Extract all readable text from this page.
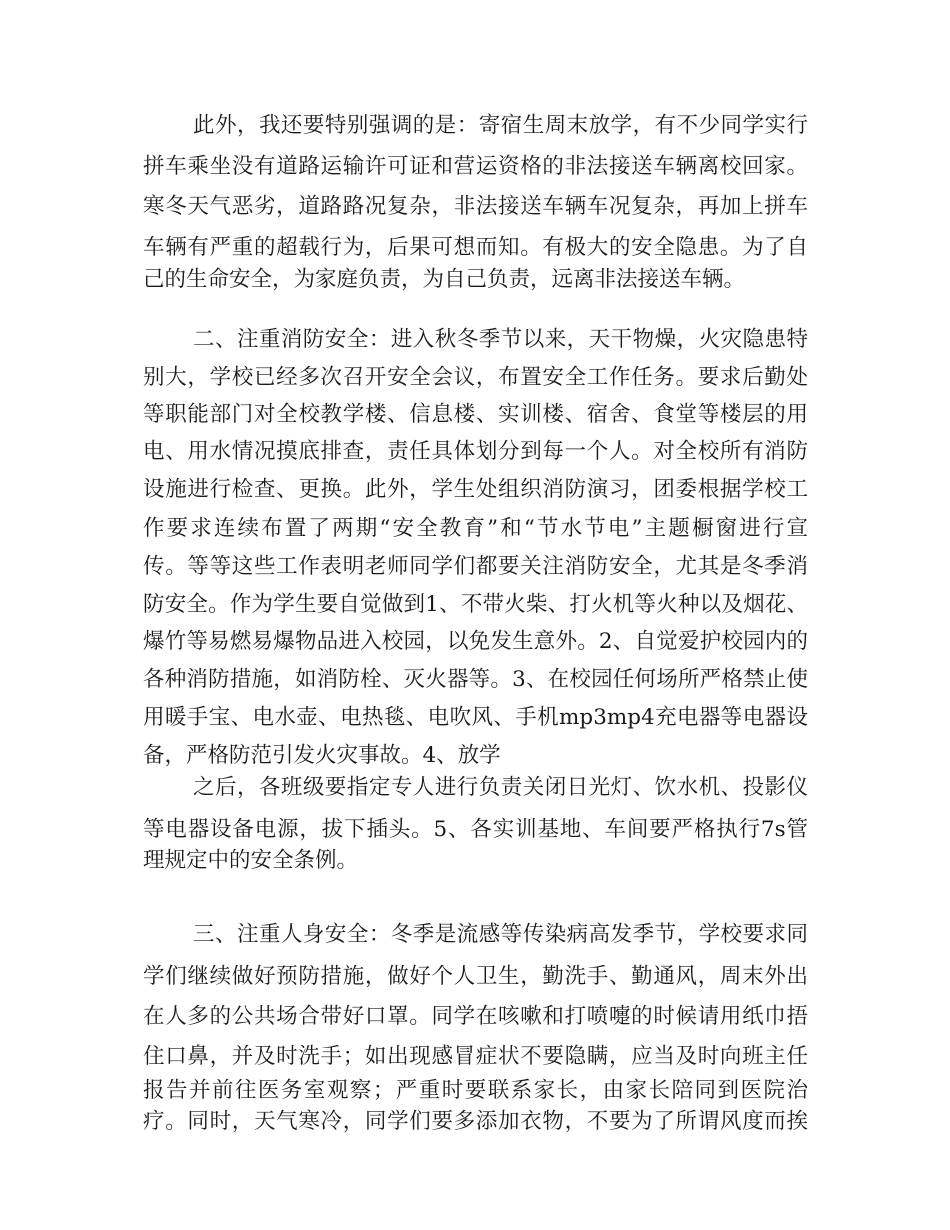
此外，我还要特别强调的是：寄宿生周末放学，有不少同学实行
拼车乘坐没有道路运输许可证和营运资格的非法接送车辆离校回家。
寒冬天气恶劣，道路路况复杂，非法接送车辆车况复杂，再加上拼车
车辆有严重的超载行为，后果可想而知。有极大的安全隐患。为了自
己的生命安全，为家庭负责，为自己负责，远离非法接送车辆。
二、注重消防安全：进入秋冬季节以来，天干物燥，火灾隐患特
别大，学校已经多次召开安全会议，布置安全工作任务。要求后勤处
等职能部门对全校教学楼、信息楼、实训楼、宿舍、食堂等楼层的用
电、用水情况摸底排查，责任具体划分到每一个人。对全校所有消防
设施进行检查、更换。此外，学生处组织消防演习，团委根据学校工
作要求连续布置了两期“安全教育”和“节水节电”主题橱窗进行宣
传。等等这些工作表明老师同学们都要关注消防安全，尤其是冬季消
防安全。作为学生要自觉做到1、不带火柴、打火机等火种以及烟花、
爆竹等易燃易爆物品进入校园，以免发生意外。2、自觉爱护校园内的
各种消防措施，如消防栓、灭火器等。3、在校园任何场所严格禁止使
用暖手宝、电水壶、电热毯、电吹风、手机mp3mp4充电器等电器设
备，严格防范引发火灾事故。4、放学
之后，各班级要指定专人进行负责关闭日光灯、饮水机、投影仪
等电器设备电源，拔下插头。5、各实训基地、车间要严格执行7s管
理规定中的安全条例。
三、注重人身安全：冬季是流感等传染病高发季节，学校要求同
学们继续做好预防措施，做好个人卫生，勤洗手、勤通风，周末外出
在人多的公共场合带好口罩。同学在咳嗽和打喷嚏的时候请用纸巾捂
住口鼻，并及时洗手；如出现感冒症状不要隐瞒，应当及时向班主任
报告并前往医务室观察；严重时要联系家长，由家长陪同到医院治
疗。同时，天气寒冷，同学们要多添加衣物，不要为了所谓风度而挨
